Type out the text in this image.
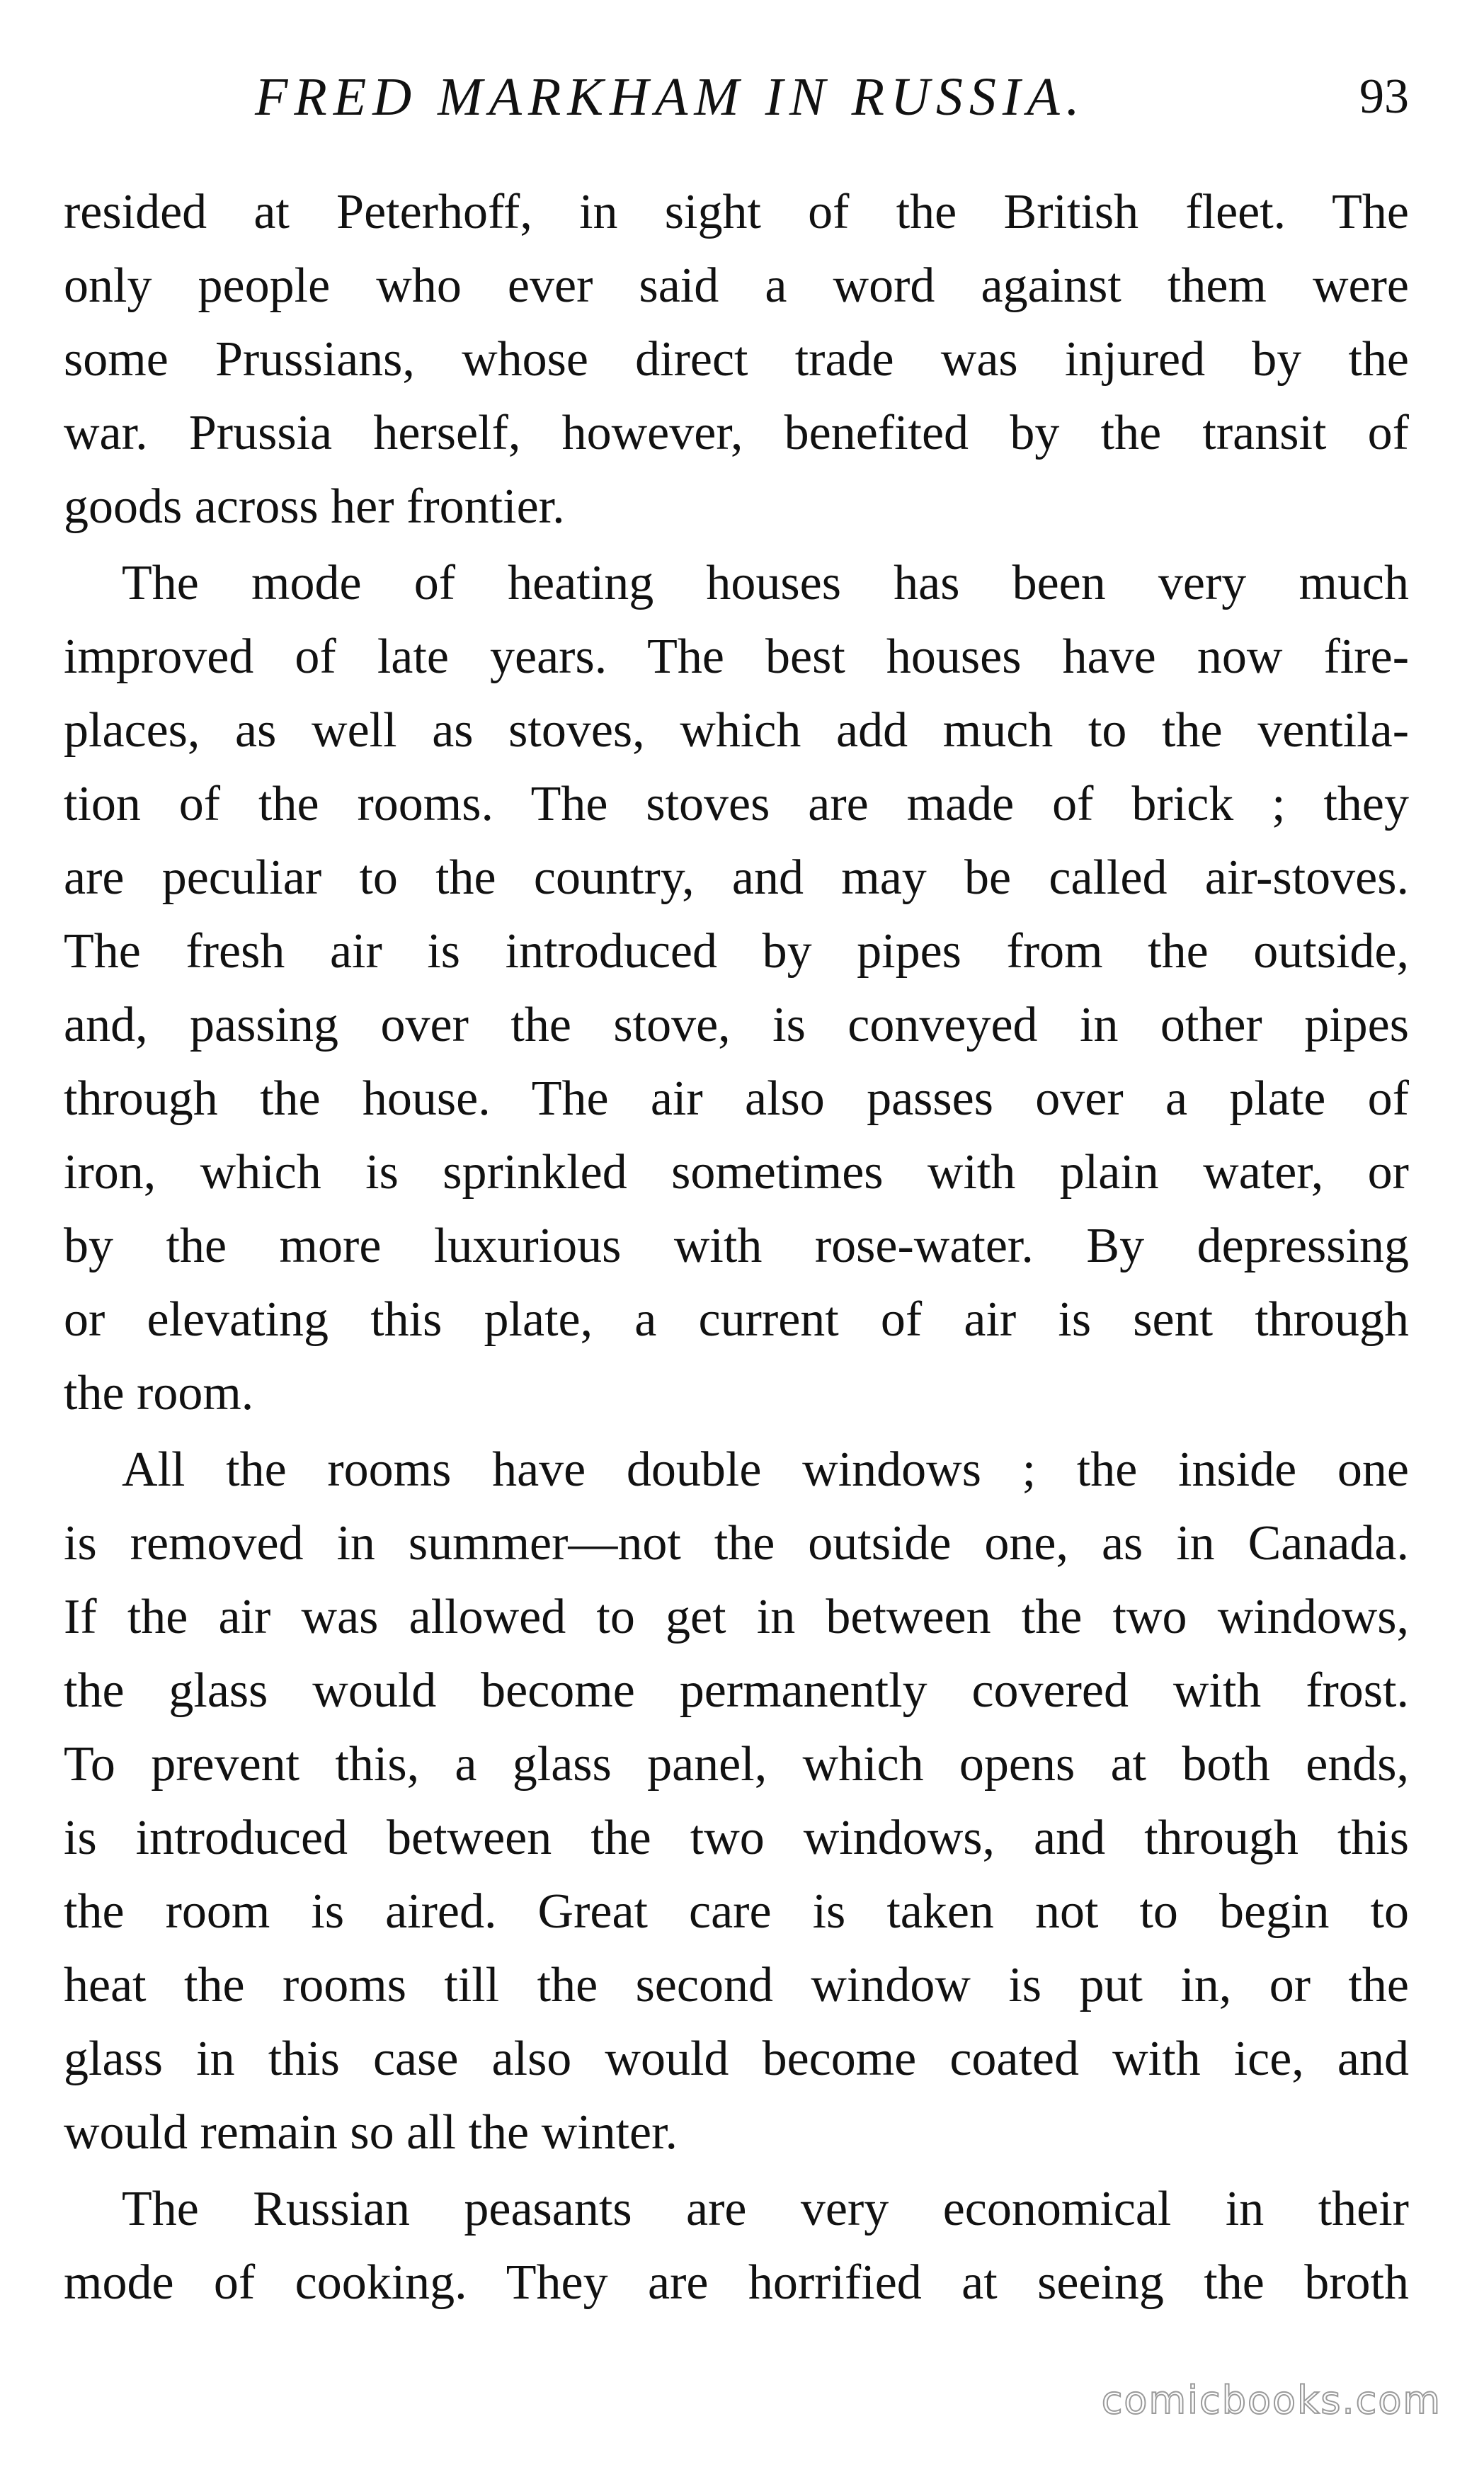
FRED MARKHAM IN RUSSIA.	93
resided at Peterhoff, in sight of the British fleet. The
only people who ever said a word against them were
some Prussians, whose direct trade was injured by the
war. Prussia herself, however, benefited by the transit of
goods across her frontier.
The mode of heating houses has been very much
improved of late years. The best houses have now fire-
places, as well as stoves, which add much to the ventila-
tion of the rooms. The stoves are made of brick ; they
are peculiar to the country, and may be called air-stoves.
The fresh air is introduced by pipes from the outside,
and, passing over the stove, is conveyed in other pipes
through the house. The air also passes over a plate of
iron, which is sprinkled sometimes with plain water, or
by the more luxurious with rose-water. By depressing
or elevating this plate, a current of air is sent through
the room.
All the rooms have double windows ; the inside one
is removed in summer—not the outside one, as in Canada.
If the air was allowed to get in between the two windows,
the glass would become permanently covered with frost.
To prevent this, a glass panel, which opens at both ends,
is introduced between the two windows, and through this
the room is aired. Great care is taken not to begin to
heat the rooms till the second window is put in, or the
glass in this case also would become coated with ice, and
would remain so all the winter.
The Russian peasants are very economical in their
mode of cooking. They are horrified at seeing the broth
comicbooks.com
